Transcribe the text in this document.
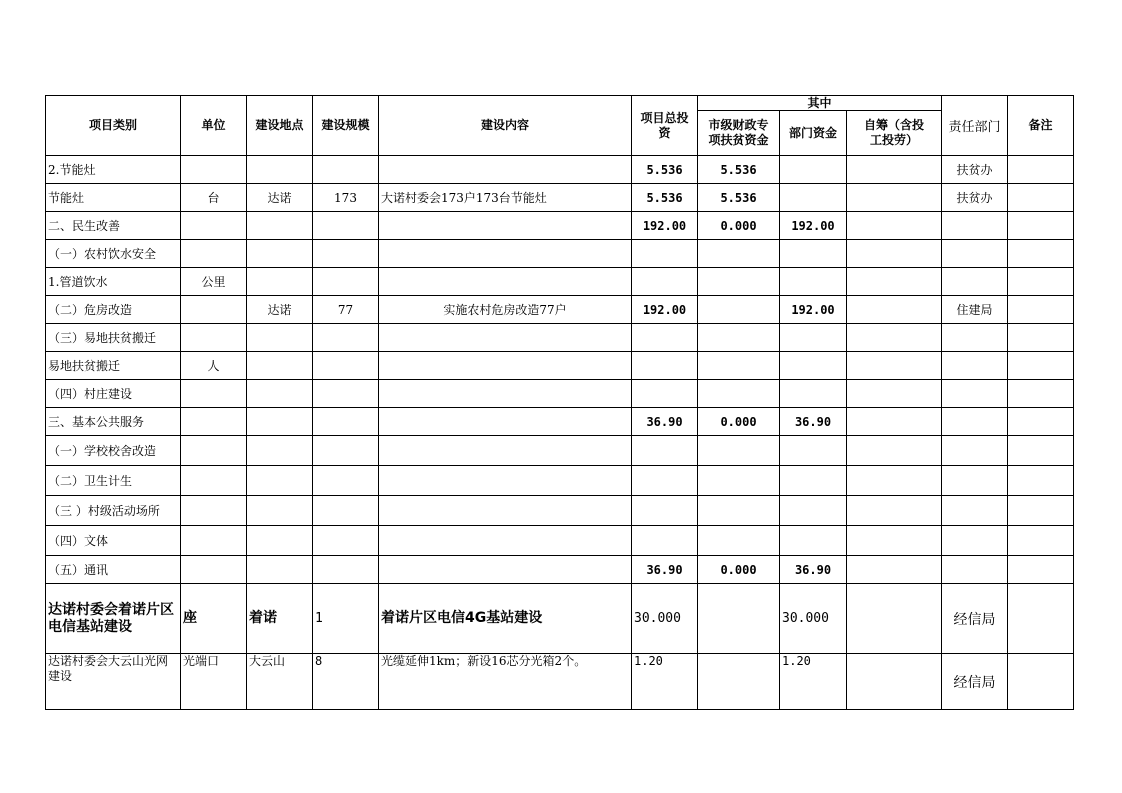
项目类别	单位	建设地点	建设规模	建设内容	项目总投资	其中			责任部门	备注
						市级财政专项扶贫资金	部门资金	自筹（含投工投劳）		
2.节能灶					5.536	5.536			扶贫办	
节能灶	台	达诺	173	大诺村委会173户173台节能灶	5.536	5.536			扶贫办	
二、民生改善					192.00	0.000	192.00			
（一）农村饮水安全										
1.管道饮水	公里									
（二）危房改造		达诺	77	实施农村危房改造77户	192.00		192.00		住建局	
（三）易地扶贫搬迁										
易地扶贫搬迁	人									
（四）村庄建设										
三、基本公共服务					36.90	0.000	36.90			
（一）学校校舍改造										
（二）卫生计生										
（三 ）村级活动场所										
（四）文体										
（五）通讯					36.90	0.000	36.90			
达诺村委会着诺片区电信基站建设	座	着诺	1	着诺片区电信4G基站建设	30.000		30.000		经信局	
达诺村委会大云山光网建设	光端口	大云山	8	光缆延伸1km；新设16芯分光箱2个。	1.20		1.20		经信局	
